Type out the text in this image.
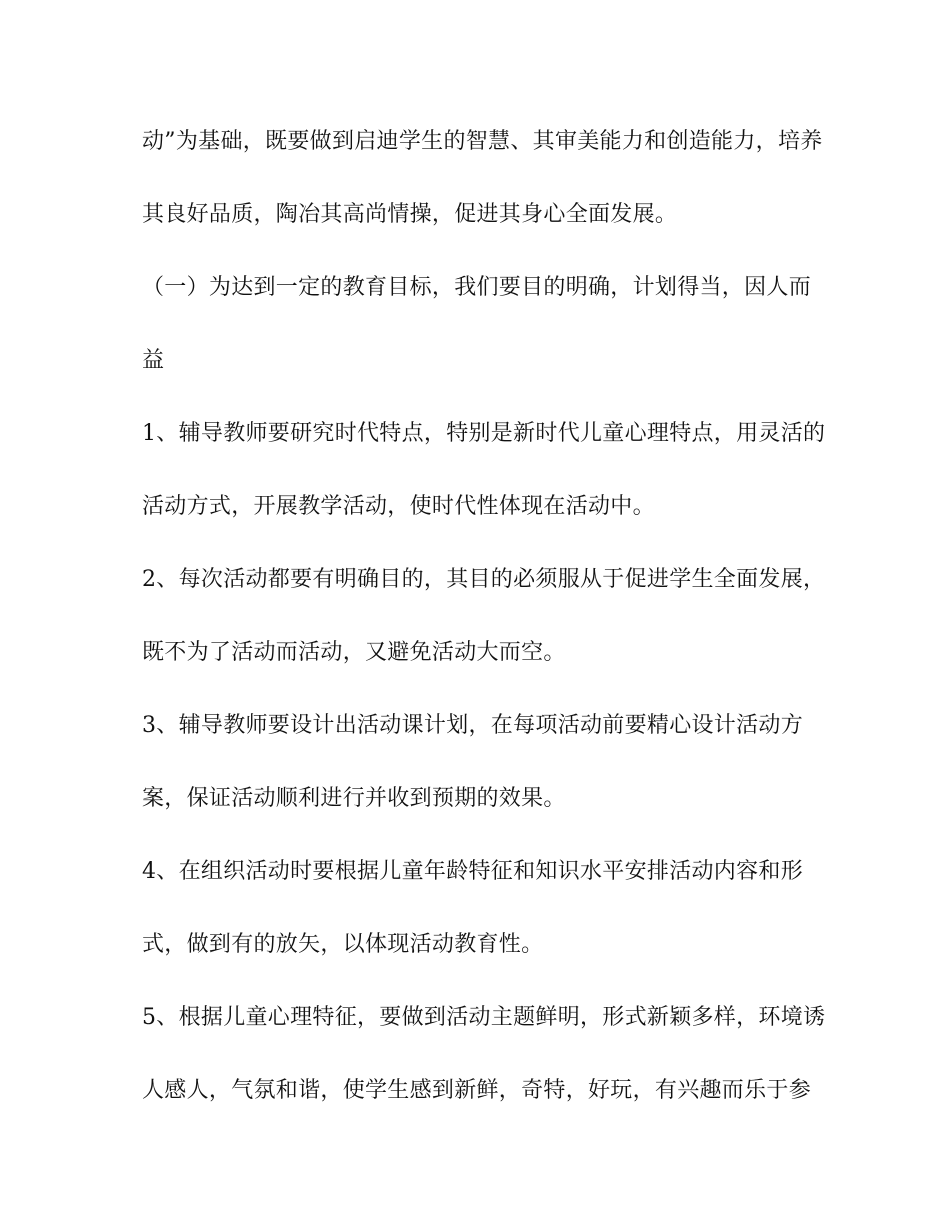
动”为基础，既要做到启迪学生的智慧、其审美能力和创造能力，培养
其良好品质，陶冶其高尚情操，促进其身心全面发展。
（一）为达到一定的教育目标，我们要目的明确，计划得当，因人而
益
1、辅导教师要研究时代特点，特别是新时代儿童心理特点，用灵活的
活动方式，开展教学活动，使时代性体现在活动中。
2、每次活动都要有明确目的，其目的必须服从于促进学生全面发展，
既不为了活动而活动，又避免活动大而空。
3、辅导教师要设计出活动课计划，在每项活动前要精心设计活动方
案，保证活动顺利进行并收到预期的效果。
4、在组织活动时要根据儿童年龄特征和知识水平安排活动内容和形
式，做到有的放矢，以体现活动教育性。
5、根据儿童心理特征，要做到活动主题鲜明，形式新颖多样，环境诱
人感人，气氛和谐，使学生感到新鲜，奇特，好玩，有兴趣而乐于参
